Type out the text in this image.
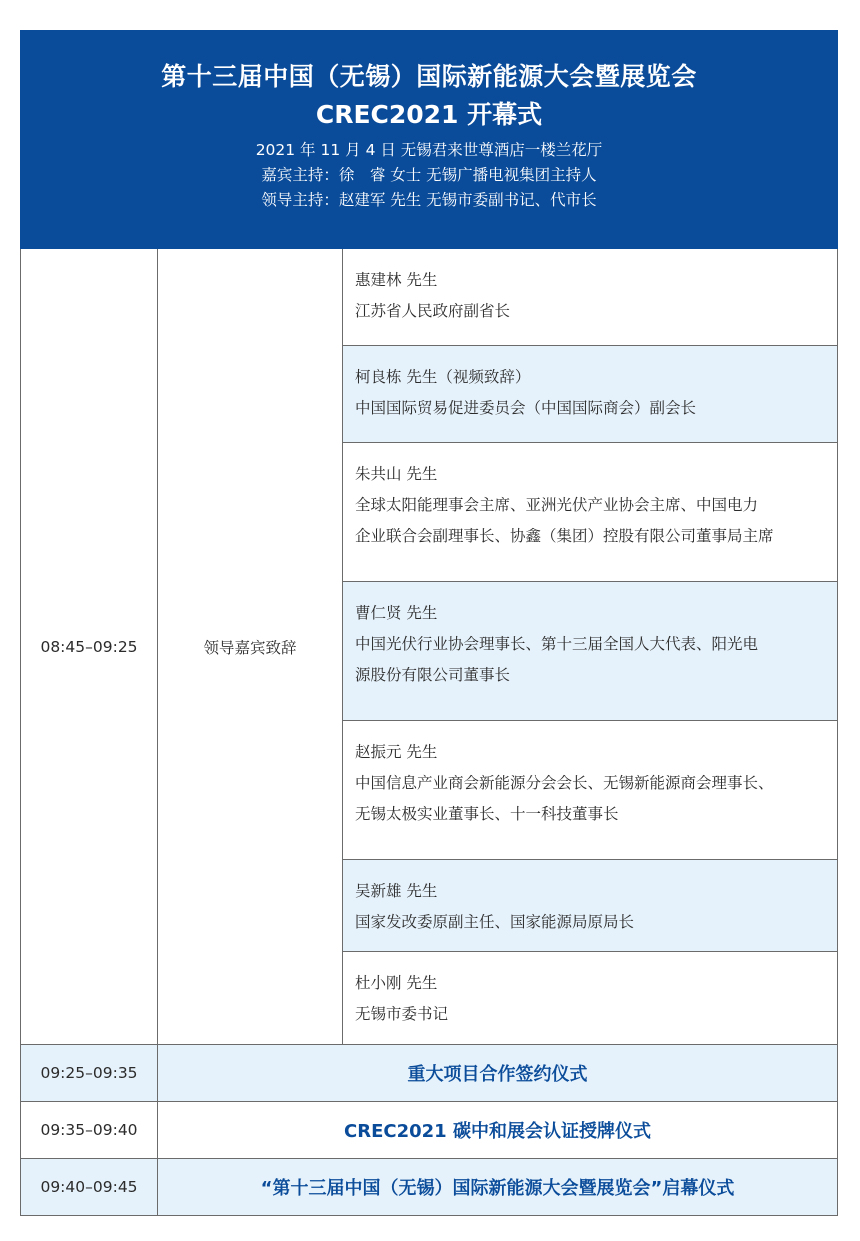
第十三届中国（无锡）国际新能源大会暨展览会
CREC2021 开幕式
2021 年 11 月 4 日 无锡君来世尊酒店一楼兰花厅
嘉宾主持：徐　睿 女士 无锡广播电视集团主持人
领导主持：赵建军 先生 无锡市委副书记、代市长
08:45–09:25	领导嘉宾致辞
惠建林 先生
江苏省人民政府副省长
柯良栋 先生（视频致辞）
中国国际贸易促进委员会（中国国际商会）副会长
朱共山 先生
全球太阳能理事会主席、亚洲光伏产业协会主席、中国电力
企业联合会副理事长、协鑫（集团）控股有限公司董事局主席
曹仁贤 先生
中国光伏行业协会理事长、第十三届全国人大代表、阳光电
源股份有限公司董事长
赵振元 先生
中国信息产业商会新能源分会会长、无锡新能源商会理事长、
无锡太极实业董事长、十一科技董事长
吴新雄 先生
国家发改委原副主任、国家能源局原局长
杜小刚 先生
无锡市委书记
09:25–09:35	重大项目合作签约仪式
09:35–09:40	CREC2021 碳中和展会认证授牌仪式
09:40–09:45	“第十三届中国（无锡）国际新能源大会暨展览会”启幕仪式
